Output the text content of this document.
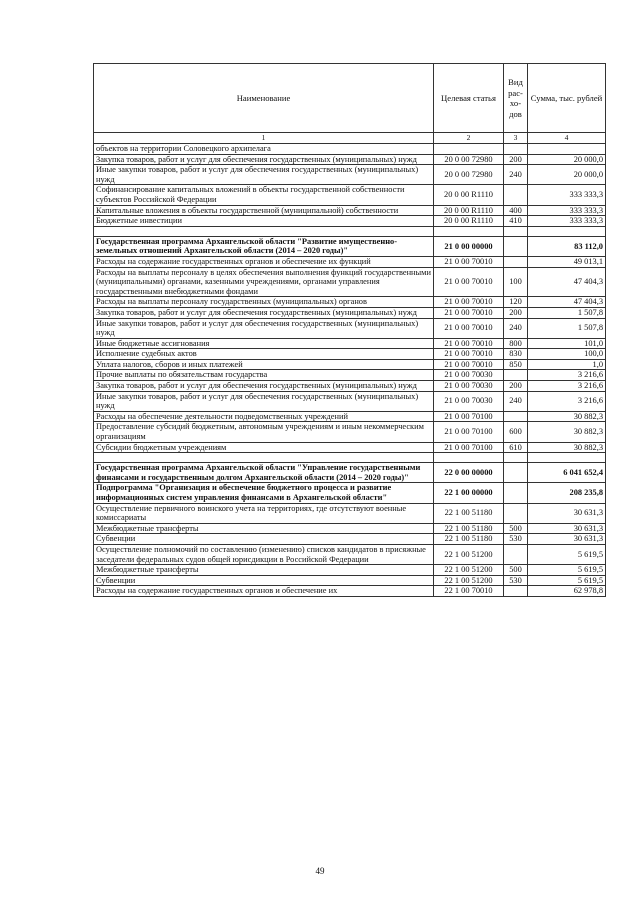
Наименование	Целевая статья	Вид рас-хо-дов	Сумма, тыс. рублей
1	2	3	4
объектов на территории Соловецкого архипелага			
Закупка товаров, работ и услуг для обеспечения государственных (муниципальных) нужд	20 0 00 72980	200	20 000,0
Иные закупки товаров, работ и услуг для обеспечения государственных (муниципальных) нужд	20 0 00 72980	240	20 000,0
Софинансирование капитальных вложений в объекты государственной собственности субъектов Российской Федерации	20 0 00 R1110		333 333,3
Капитальные вложения в объекты государственной (муниципальной) собственности	20 0 00 R1110	400	333 333,3
Бюджетные инвестиции	20 0 00 R1110	410	333 333,3

Государственная программа Архангельской области "Развитие имущественно-земельных отношений Архангельской области (2014 – 2020 годы)"	21 0 00 00000		83 112,0
Расходы на содержание государственных органов и обеспечение их функций	21 0 00 70010		49 013,1
Расходы на выплаты персоналу в целях обеспечения выполнения функций государственными (муниципальными) органами, казенными учреждениями, органами управления государственными внебюджетными фондами	21 0 00 70010	100	47 404,3
Расходы на выплаты персоналу государственных (муниципальных) органов	21 0 00 70010	120	47 404,3
Закупка товаров, работ и услуг для обеспечения государственных (муниципальных) нужд	21 0 00 70010	200	1 507,8
Иные закупки товаров, работ и услуг для обеспечения государственных (муниципальных) нужд	21 0 00 70010	240	1 507,8
Иные бюджетные ассигнования	21 0 00 70010	800	101,0
Исполнение судебных актов	21 0 00 70010	830	100,0
Уплата налогов, сборов и иных платежей	21 0 00 70010	850	1,0
Прочие выплаты по обязательствам государства	21 0 00 70030		3 216,6
Закупка товаров, работ и услуг для обеспечения государственных (муниципальных) нужд	21 0 00 70030	200	3 216,6
Иные закупки товаров, работ и услуг для обеспечения государственных (муниципальных) нужд	21 0 00 70030	240	3 216,6
Расходы на обеспечение деятельности подведомственных учреждений	21 0 00 70100		30 882,3
Предоставление субсидий бюджетным, автономным учреждениям и иным некоммерческим организациям	21 0 00 70100	600	30 882,3
Субсидии бюджетным учреждениям	21 0 00 70100	610	30 882,3

Государственная программа Архангельской области "Управление государственными финансами и государственным долгом Архангельской области (2014 – 2020 годы)"	22 0 00 00000		6 041 652,4
Подпрограмма "Организация и обеспечение бюджетного процесса и развитие информационных систем управления финансами в Архангельской области"	22 1 00 00000		208 235,8
Осуществление первичного воинского учета на территориях, где отсутствуют военные комиссариаты	22 1 00 51180		30 631,3
Межбюджетные трансферты	22 1 00 51180	500	30 631,3
Субвенции	22 1 00 51180	530	30 631,3
Осуществление полномочий по составлению (изменению) списков кандидатов в присяжные заседатели федеральных судов общей юрисдикции в Российской Федерации	22 1 00 51200		5 619,5
Межбюджетные трансферты	22 1 00 51200	500	5 619,5
Субвенции	22 1 00 51200	530	5 619,5
Расходы на содержание государственных органов и обеспечение их	22 1 00 70010		62 978,8
49
